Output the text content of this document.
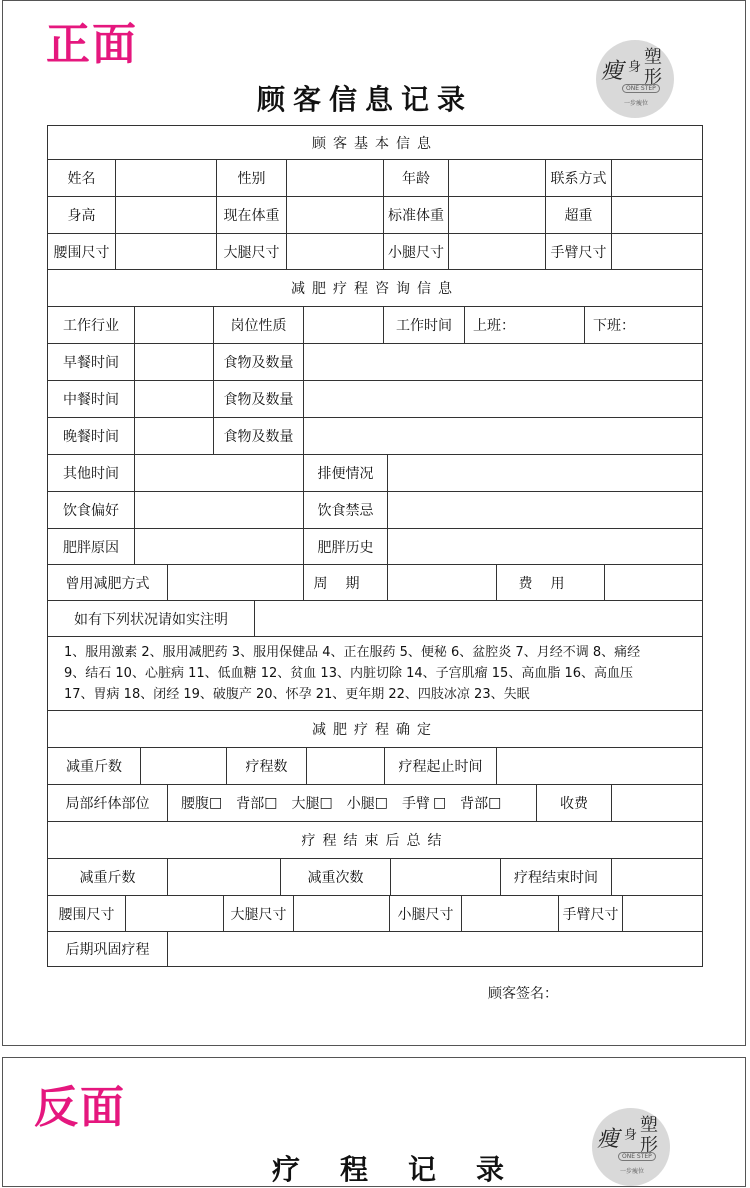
正面
瘦 身 塑形
ONE STEP
一步瘦位
顾客信息记录
顾客基本信息
姓名	性别	年龄	联系方式
身高	现在体重	标准体重	超重
腰围尺寸	大腿尺寸	小腿尺寸	手臂尺寸
减肥疗程咨询信息
工作行业	岗位性质	工作时间	上班：	下班：
早餐时间	食物及数量
中餐时间	食物及数量
晚餐时间	食物及数量
其他时间	排便情况
饮食偏好	饮食禁忌
肥胖原因	肥胖历史
曾用减肥方式	周期	费用
如有下列状况请如实注明
1、服用激素 2、服用减肥药 3、服用保健品 4、正在服药 5、便秘 6、盆腔炎 7、月经不调 8、痛经
9、结石 10、心脏病 11、低血糖 12、贫血 13、内脏切除 14、子宫肌瘤 15、高血脂 16、高血压
17、胃病 18、闭经 19、破腹产 20、怀孕 21、更年期 22、四肢冰凉 23、失眠
减肥疗程确定
减重斤数	疗程数	疗程起止时间
局部纤体部位	腰腹 □ 背部 □ 大腿 □ 小腿 □ 手臂 □ 背部 □	收费
疗程结束后总结
减重斤数	减重次数	疗程结束时间
腰围尺寸	大腿尺寸	小腿尺寸	手臂尺寸
后期巩固疗程
顾客签名：
反面
瘦 身 塑形
ONE STEP
一步瘦位
疗程记录
